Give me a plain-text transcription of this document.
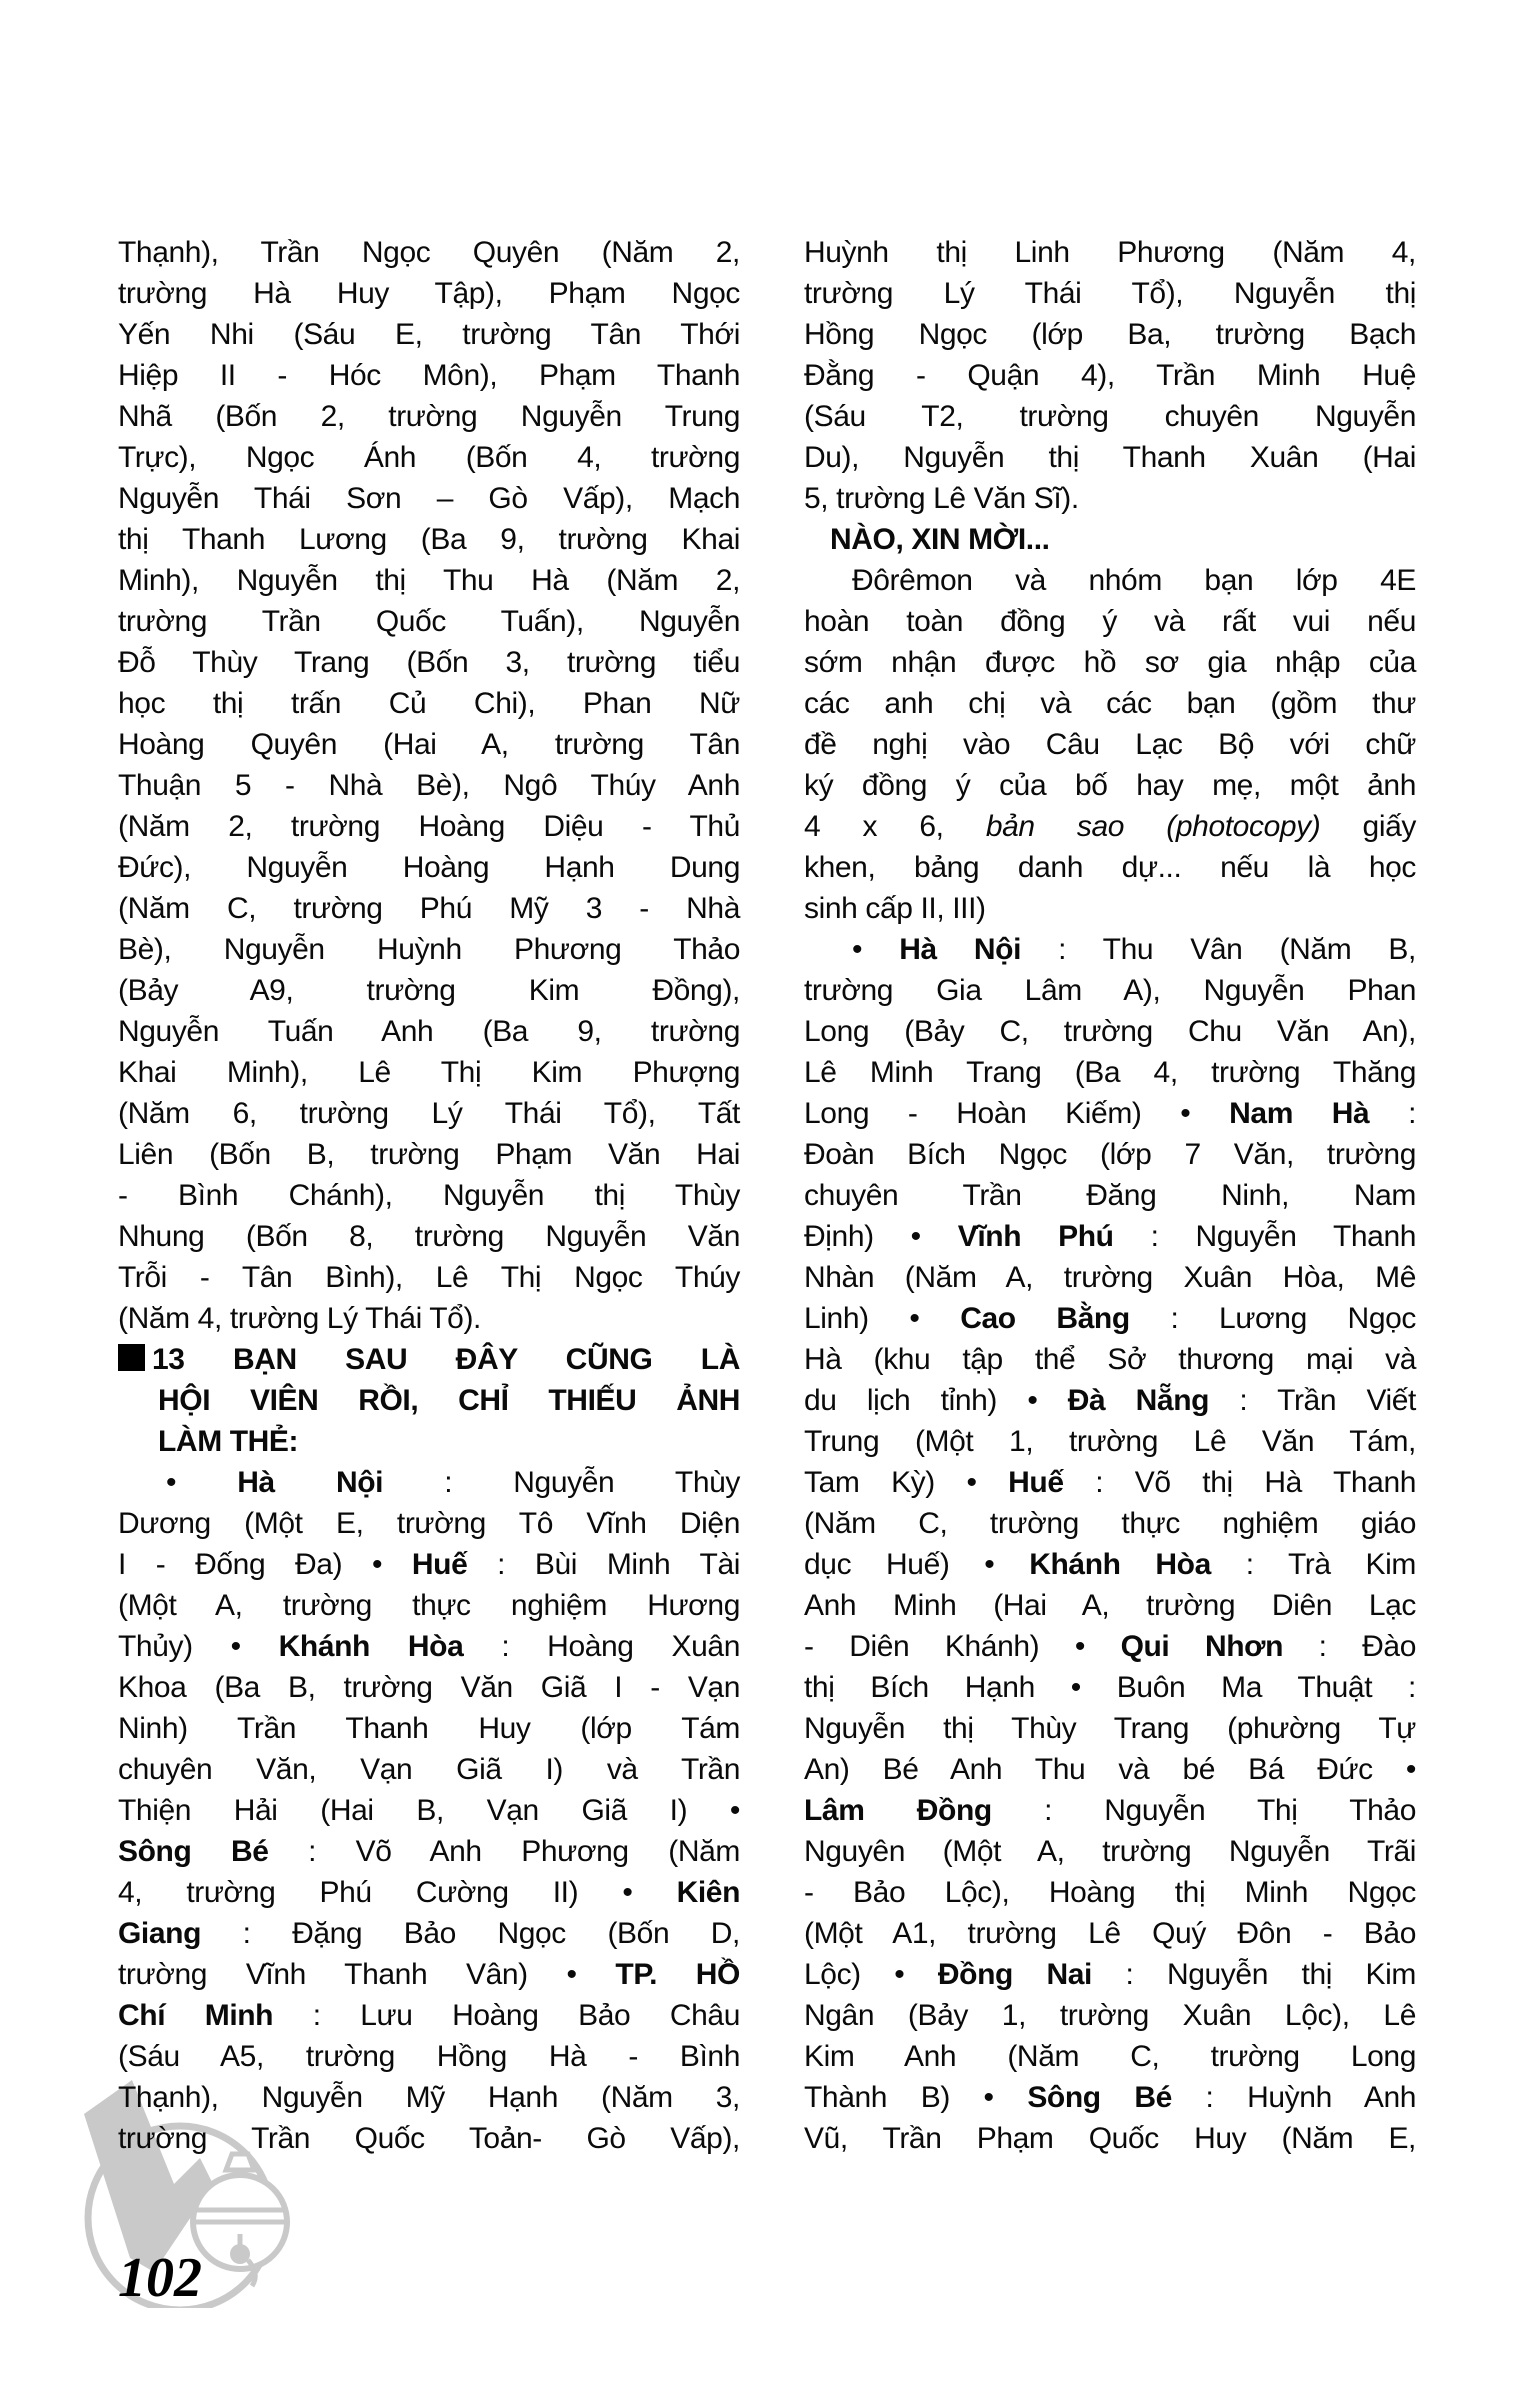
Thạnh), Trần Ngọc Quyên (Năm 2,
trường Hà Huy Tập), Phạm Ngọc
Yến Nhi (Sáu E, trường Tân Thới
Hiệp II - Hóc Môn), Phạm Thanh
Nhã (Bốn 2, trường Nguyễn Trung
Trực), Ngọc Ánh (Bốn 4, trường
Nguyễn Thái Sơn – Gò Vấp), Mạch
thị Thanh Lương (Ba 9, trường Khai
Minh), Nguyễn thị Thu Hà (Năm 2,
trường Trần Quốc Tuấn), Nguyễn
Đỗ Thùy Trang (Bốn 3, trường tiểu
học thị trấn Củ Chi), Phan Nữ
Hoàng Quyên (Hai A, trường Tân
Thuận 5 - Nhà Bè), Ngô Thúy Anh
(Năm 2, trường Hoàng Diệu - Thủ
Đức), Nguyễn Hoàng Hạnh Dung
(Năm C, trường Phú Mỹ 3 - Nhà
Bè), Nguyễn Huỳnh Phương Thảo
(Bảy A9, trường Kim Đồng),
Nguyễn Tuấn Anh (Ba 9, trường
Khai Minh), Lê Thị Kim Phượng
(Năm 6, trường Lý Thái Tổ), Tất
Liên (Bốn B, trường Phạm Văn Hai
- Bình Chánh), Nguyễn thị Thùy
Nhung (Bốn 8, trường Nguyễn Văn
Trỗi - Tân Bình), Lê Thị Ngọc Thúy
(Năm 4, trường Lý Thái Tổ).
13 BẠN SAU ĐÂY CŨNG LÀ
HỘI VIÊN RỒI, CHỈ THIẾU ẢNH
LÀM THẺ:
• Hà Nội : Nguyễn Thùy
Dương (Một E, trường Tô Vĩnh Diện
I - Đống Đa) • Huế : Bùi Minh Tài
(Một A, trường thực nghiệm Hương
Thủy) • Khánh Hòa : Hoàng Xuân
Khoa (Ba B, trường Văn Giã I - Vạn
Ninh) Trần Thanh Huy (lớp Tám
chuyên Văn, Vạn Giã I) và Trần
Thiện Hải (Hai B, Vạn Giã I) •
Sông Bé : Võ Anh Phương (Năm
4, trường Phú Cường II) • Kiên
Giang : Đặng Bảo Ngọc (Bốn D,
trường Vĩnh Thanh Vân) • TP. HỒ
Chí Minh : Lưu Hoàng Bảo Châu
(Sáu A5, trường Hồng Hà - Bình
Thạnh), Nguyễn Mỹ Hạnh (Năm 3,
trường Trần Quốc Toản- Gò Vấp),
Huỳnh thị Linh Phương (Năm 4,
trường Lý Thái Tổ), Nguyễn thị
Hồng Ngọc (lớp Ba, trường Bạch
Đằng - Quận 4), Trần Minh Huệ
(Sáu T2, trường chuyên Nguyễn
Du), Nguyễn thị Thanh Xuân (Hai
5, trường Lê Văn Sĩ).
NÀO, XIN MỜI...
Đôrêmon và nhóm bạn lớp 4E
hoàn toàn đồng ý và rất vui nếu
sớm nhận được hồ sơ gia nhập của
các anh chị và các bạn (gồm thư
đề nghị vào Câu Lạc Bộ với chữ
ký đồng ý của bố hay mẹ, một ảnh
4 x 6, bản sao (photocopy) giấy
khen, bảng danh dự... nếu là học
sinh cấp II, III)
• Hà Nội : Thu Vân (Năm B,
trường Gia Lâm A), Nguyễn Phan
Long (Bảy C, trường Chu Văn An),
Lê Minh Trang (Ba 4, trường Thăng
Long - Hoàn Kiếm) • Nam Hà :
Đoàn Bích Ngọc (lớp 7 Văn, trường
chuyên Trần Đăng Ninh, Nam
Định) • Vĩnh Phú : Nguyễn Thanh
Nhàn (Năm A, trường Xuân Hòa, Mê
Linh) • Cao Bằng : Lương Ngọc
Hà (khu tập thể Sở thương mại và
du lịch tỉnh) • Đà Nẵng : Trần Viết
Trung (Một 1, trường Lê Văn Tám,
Tam Kỳ) • Huế : Võ thị Hà Thanh
(Năm C, trường thực nghiệm giáo
dục Huế) • Khánh Hòa : Trà Kim
Anh Minh (Hai A, trường Diên Lạc
- Diên Khánh) • Qui Nhơn : Đào
thị Bích Hạnh • Buôn Ma Thuật :
Nguyễn thị Thùy Trang (phường Tự
An) Bé Anh Thu và bé Bá Đức •
Lâm Đồng : Nguyễn Thị Thảo
Nguyên (Một A, trường Nguyễn Trãi
- Bảo Lộc), Hoàng thị Minh Ngọc
(Một A1, trường Lê Quý Đôn - Bảo
Lộc) • Đồng Nai : Nguyễn thị Kim
Ngân (Bảy 1, trường Xuân Lộc), Lê
Kim Anh (Năm C, trường Long
Thành B) • Sông Bé : Huỳnh Anh
Vũ, Trần Phạm Quốc Huy (Năm E,
102
